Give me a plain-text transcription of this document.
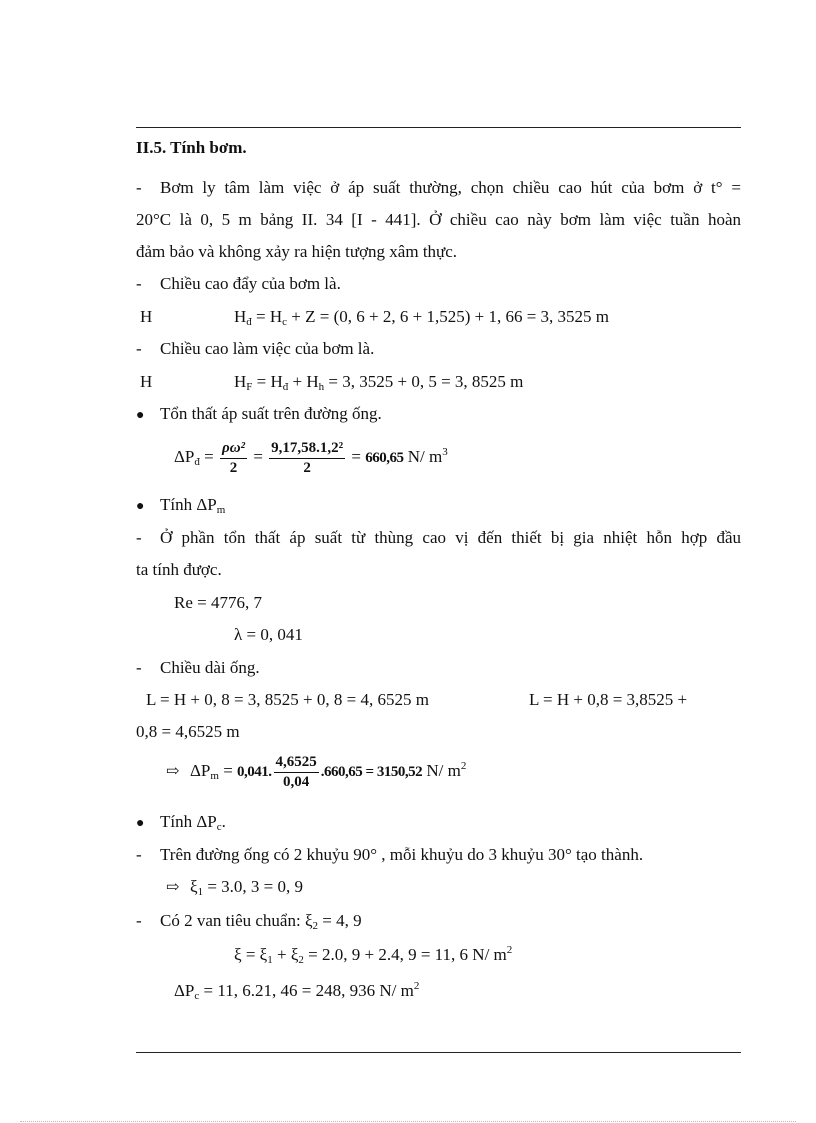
II.5. Tính bơm.
- Bơm ly tâm làm việc ở áp suất thường, chọn chiều cao hút của bơm ở t° =
20°C là 0, 5 m bảng II. 34 [I - 441]. Ở chiều cao này bơm làm việc tuần hoàn
đảm bảo và không xảy ra hiện tượng xâm thực.
- Chiều cao đẩy của bơm là.
H	$H_đ = H_c + Z = (0$, 6 + 2, 6 + 1,525) + 1, 66 = 3, 3525 m
- Chiều cao làm việc của bơm là.
H	$H_F = H_đ + H_h = 3$, 3525 + 0, 5 = 3, 8525 m
● Tổn thất áp suất trên đường ống.
$\Delta P_đ = \frac{\text{ρω²}}{2} = \frac{\text{9,17,58.1,2²}}{2} = 660,65$ N/ $m^3$
● Tính $\Delta P_m$
- Ở phần tổn thất áp suất từ thùng cao vị đến thiết bị gia nhiệt hỗn hợp đầu
ta tính được.
Re = 4776, 7
λ = 0, 041
- Chiều dài ống.
L = H + 0, 8 = 3, 8525 + 0, 8 = 4, 6525 m	L = H + 0,8 = 3,8525 +
0,8 = 4,6525 m
⇨ $\Delta P_m = 0,041$. $\frac{4,6525}{0,04} .660,65 = 3150,52$ N/ $m^2$
● Tính $\Delta P_c$.
- Trên đường ống có 2 khuỷu 90° , mỗi khuỷu do 3 khuỷu 30° tạo thành.
⇨ $\xi_1 = 3.0$, 3 = 0, 9
- Có 2 van tiêu chuẩn: $\xi_2 = 4$, 9
$\xi = \xi_1 + \xi_2 = 2.0$, 9 + 2.4, 9 = 11, 6 N/ $m^2$
$\Delta P_c = 11$, 6.21, 46 = 248, 936 N/ $m^2$
